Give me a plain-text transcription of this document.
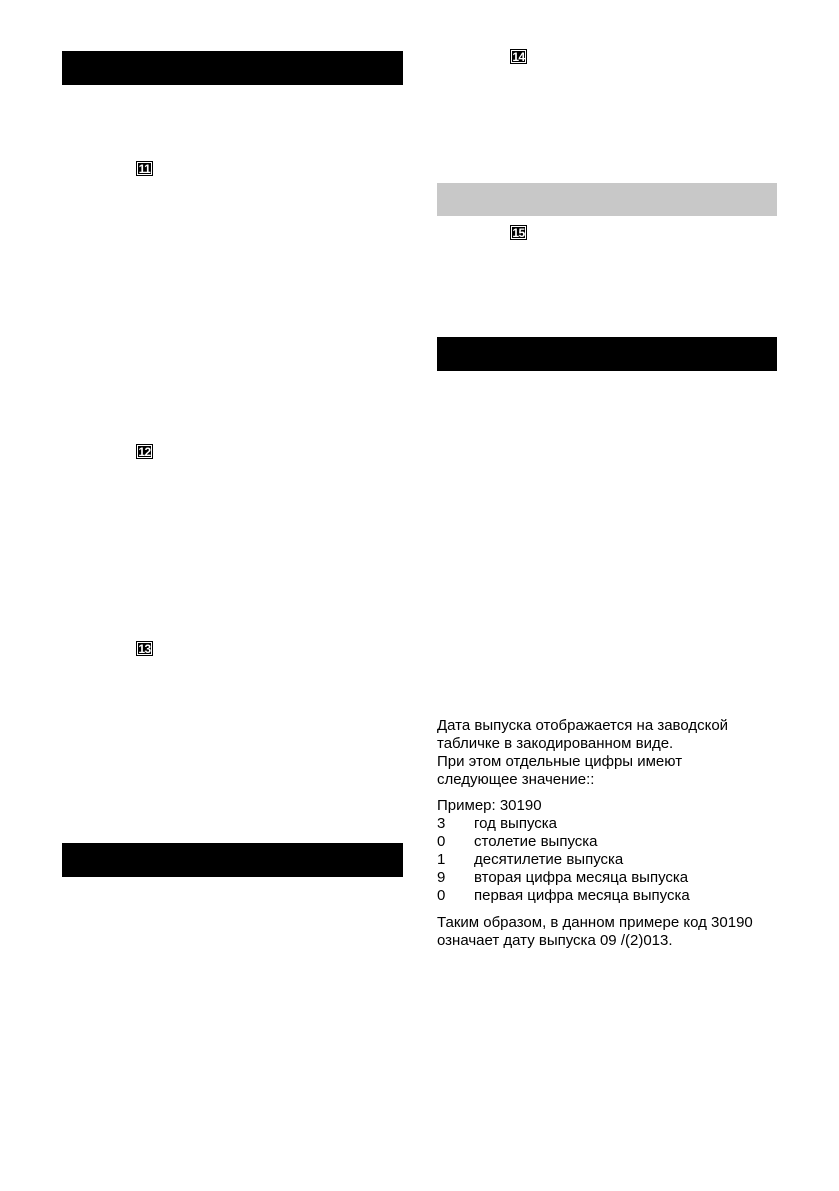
11
12
13
14
15

Дата выпуска отображается на заводской

табличке в закодированном виде.

При этом отдельные цифры имеют

следующее значение::

Пример: 30190

3	год выпуска
0	столетие выпуска
1	десятилетие выпуска
9	вторая цифра месяца выпуска
0	первая цифра месяца выпуска

Таким образом, в данном примере код 30190

означает дату выпуска 09 /(2)013.
